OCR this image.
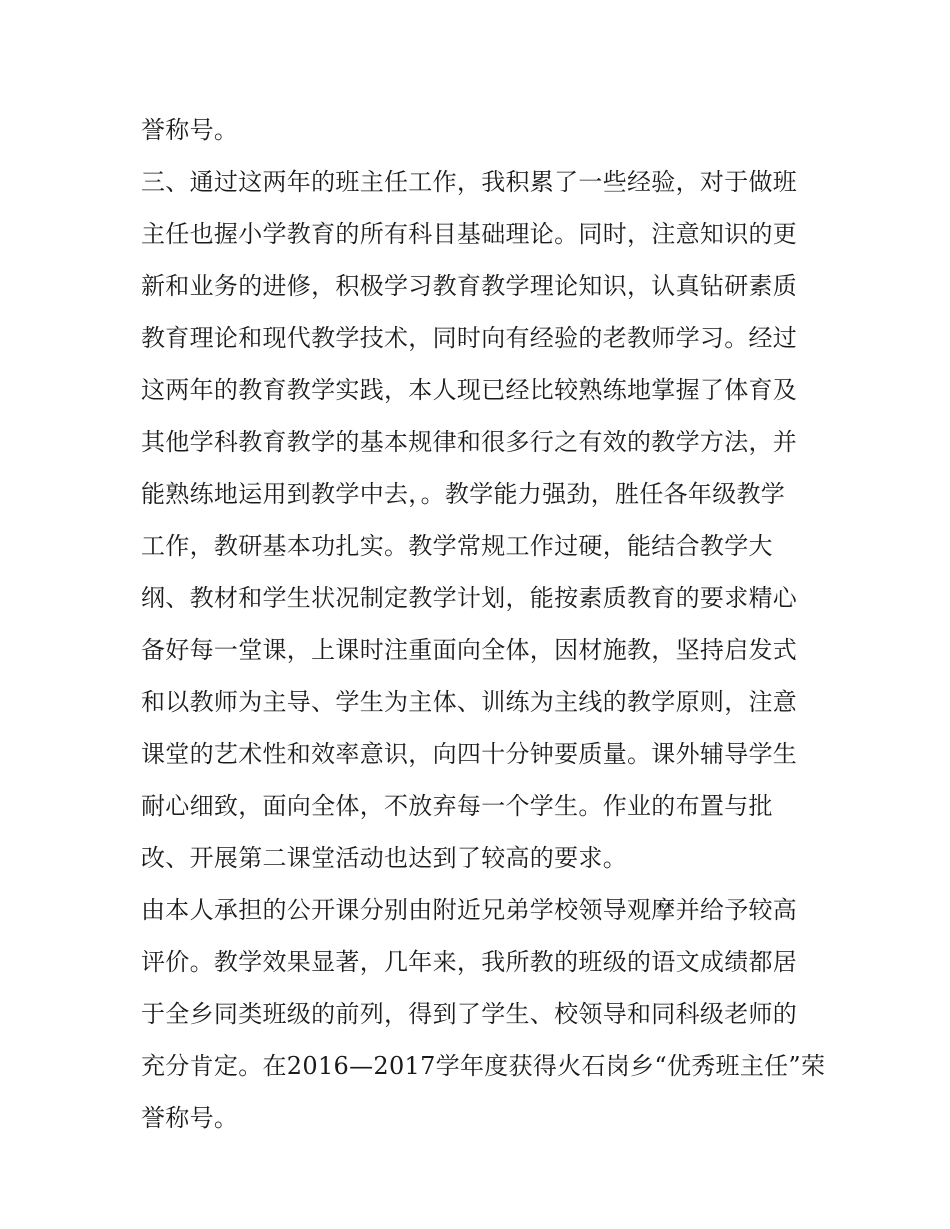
誉称号。
三、通过这两年的班主任工作，我积累了一些经验，对于做班
主任也握小学教育的所有科目基础理论。同时，注意知识的更
新和业务的进修，积极学习教育教学理论知识，认真钻研素质
教育理论和现代教学技术，同时向有经验的老教师学习。经过
这两年的教育教学实践，本人现已经比较熟练地掌握了体育及
其他学科教育教学的基本规律和很多行之有效的教学方法，并
能熟练地运用到教学中去，。教学能力强劲，胜任各年级教学
工作，教研基本功扎实。教学常规工作过硬，能结合教学大
纲、教材和学生状况制定教学计划，能按素质教育的要求精心
备好每一堂课，上课时注重面向全体，因材施教，坚持启发式
和以教师为主导、学生为主体、训练为主线的教学原则，注意
课堂的艺术性和效率意识，向四十分钟要质量。课外辅导学生
耐心细致，面向全体，不放弃每一个学生。作业的布置与批
改、开展第二课堂活动也达到了较高的要求。
由本人承担的公开课分别由附近兄弟学校领导观摩并给予较高
评价。教学效果显著，几年来，我所教的班级的语文成绩都居
于全乡同类班级的前列，得到了学生、校领导和同科级老师的
充分肯定。在2016—2017学年度获得火石岗乡“优秀班主任”荣
誉称号。
